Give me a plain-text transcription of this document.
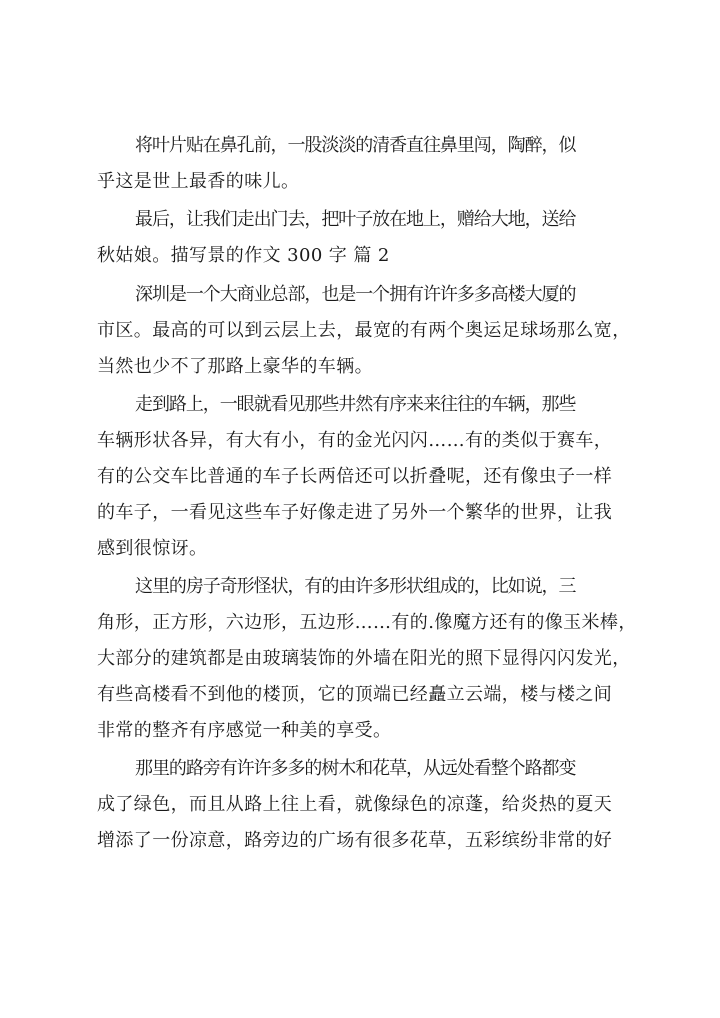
将叶片贴在鼻孔前，一股淡淡的清香直往鼻里闯，陶醉，似
乎这是世上最香的味儿。

最后，让我们走出门去，把叶子放在地上，赠给大地，送给
秋姑娘。描写景的作文 300 字 篇 2

深圳是一个大商业总部，也是一个拥有许许多多高楼大厦的
市区。最高的可以到云层上去，最宽的有两个奥运足球场那么宽，
当然也少不了那路上豪华的车辆。

走到路上，一眼就看见那些井然有序来来往往的车辆，那些
车辆形状各异，有大有小，有的金光闪闪……有的类似于赛车，
有的公交车比普通的车子长两倍还可以折叠呢，还有像虫子一样
的车子，一看见这些车子好像走进了另外一个繁华的世界，让我
感到很惊讶。

这里的房子奇形怪状，有的由许多形状组成的，比如说，三
角形，正方形，六边形，五边形……有的.像魔方还有的像玉米棒，
大部分的建筑都是由玻璃装饰的外墙在阳光的照下显得闪闪发光，
有些高楼看不到他的楼顶，它的顶端已经矗立云端，楼与楼之间
非常的整齐有序感觉一种美的享受。

那里的路旁有许许多多的树木和花草，从远处看整个路都变
成了绿色，而且从路上往上看，就像绿色的凉蓬，给炎热的夏天
增添了一份凉意，路旁边的广场有很多花草，五彩缤纷非常的好
